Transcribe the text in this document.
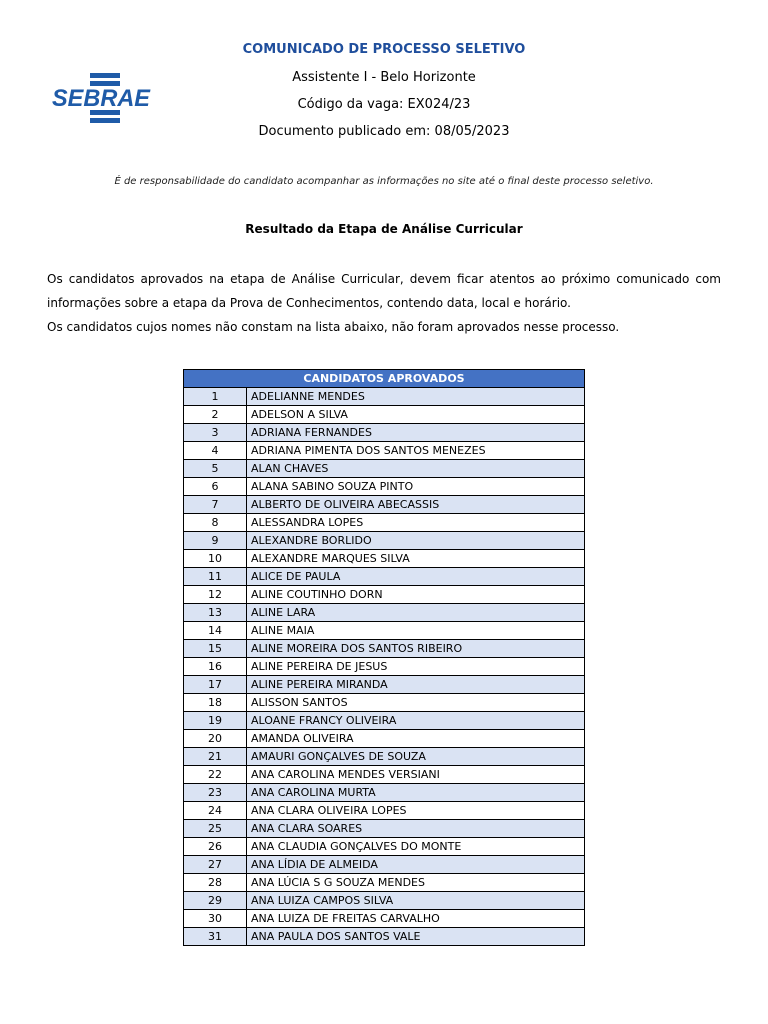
SEBRAE
COMUNICADO DE PROCESSO SELETIVO
Assistente I - Belo Horizonte
Código da vaga: EX024/23
Documento publicado em: 08/05/2023
É de responsabilidade do candidato acompanhar as informações no site até o final deste processo seletivo.
Resultado da Etapa de Análise Curricular
Os candidatos aprovados na etapa de Análise Curricular, devem ficar atentos ao próximo comunicado com informações sobre a etapa da Prova de Conhecimentos, contendo data, local e horário.
Os candidatos cujos nomes não constam na lista abaixo, não foram aprovados nesse processo.
CANDIDATOS APROVADOS	
1	ADELIANNE MENDES
2	ADELSON A SILVA
3	ADRIANA FERNANDES
4	ADRIANA PIMENTA DOS SANTOS MENEZES
5	ALAN CHAVES
6	ALANA SABINO SOUZA PINTO
7	ALBERTO DE OLIVEIRA ABECASSIS
8	ALESSANDRA LOPES
9	ALEXANDRE BORLIDO
10	ALEXANDRE MARQUES SILVA
11	ALICE DE PAULA
12	ALINE COUTINHO DORN
13	ALINE LARA
14	ALINE MAIA
15	ALINE MOREIRA DOS SANTOS RIBEIRO
16	ALINE PEREIRA DE JESUS
17	ALINE PEREIRA MIRANDA
18	ALISSON SANTOS
19	ALOANE FRANCY OLIVEIRA
20	AMANDA OLIVEIRA
21	AMAURI GONÇALVES DE SOUZA
22	ANA CAROLINA MENDES VERSIANI
23	ANA CAROLINA MURTA
24	ANA CLARA OLIVEIRA LOPES
25	ANA CLARA SOARES
26	ANA CLAUDIA GONÇALVES DO MONTE
27	ANA LÍDIA DE ALMEIDA
28	ANA LÚCIA S G SOUZA MENDES
29	ANA LUIZA CAMPOS SILVA
30	ANA LUIZA DE FREITAS CARVALHO
31	ANA PAULA DOS SANTOS VALE
